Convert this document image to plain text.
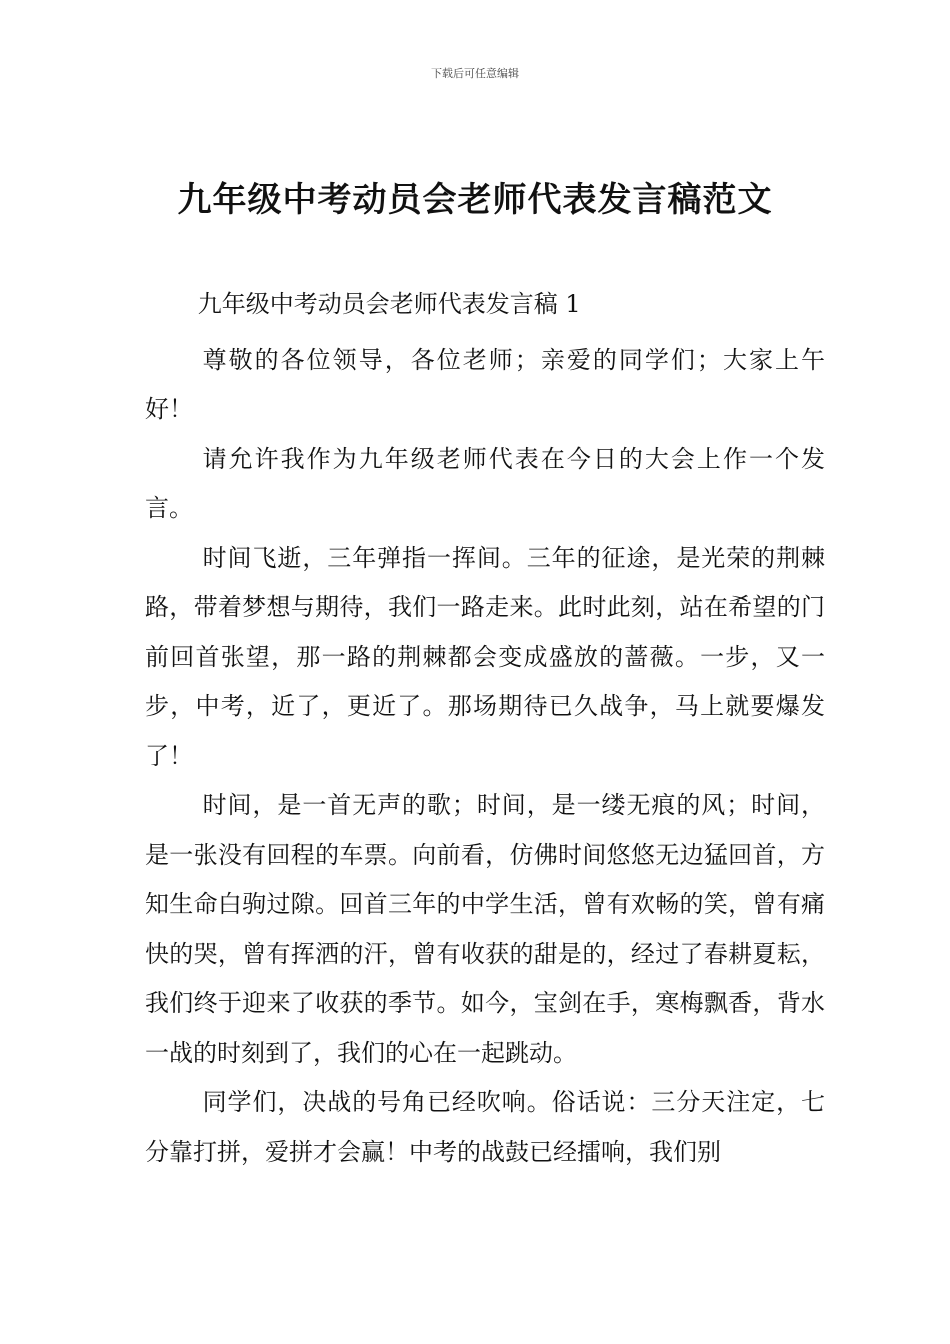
下载后可任意编辑
九年级中考动员会老师代表发言稿范文

九年级中考动员会老师代表发言稿 1

尊敬的各位领导，各位老师；亲爱的同学们；大家上午好！

请允许我作为九年级老师代表在今日的大会上作一个发言。

时间飞逝，三年弹指一挥间。三年的征途，是光荣的荆棘路，带着梦想与期待，我们一路走来。此时此刻，站在希望的门前回首张望，那一路的荆棘都会变成盛放的蔷薇。一步，又一步，中考，近了，更近了。那场期待已久战争，马上就要爆发了！

时间，是一首无声的歌；时间，是一缕无痕的风；时间，是一张没有回程的车票。向前看，仿佛时间悠悠无边猛回首，方知生命白驹过隙。回首三年的中学生活，曾有欢畅的笑，曾有痛快的哭，曾有挥洒的汗，曾有收获的甜是的，经过了春耕夏耘，我们终于迎来了收获的季节。如今，宝剑在手，寒梅飘香，背水一战的时刻到了，我们的心在一起跳动。

同学们，决战的号角已经吹响。俗话说：三分天注定，七分靠打拼，爱拼才会赢！中考的战鼓已经擂响，我们别
